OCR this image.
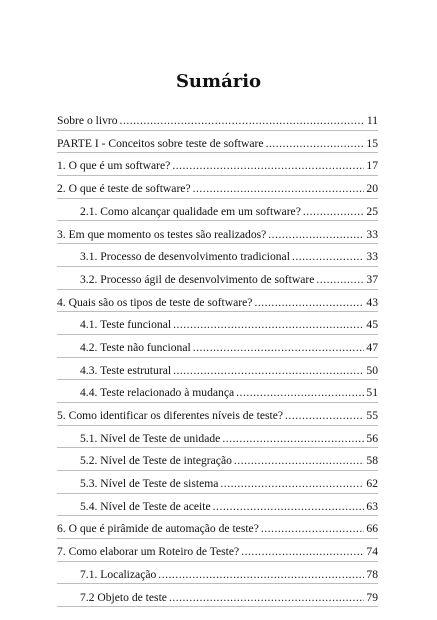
Sumário
Sobre o livro .....	11
PARTE I - Conceitos sobre teste de software .....	15
1. O que é um software? .....	17
2. O que é teste de software? .....	20
2.1. Como alcançar qualidade em um software? .....	25
3. Em que momento os testes são realizados? .....	33
3.1. Processo de desenvolvimento tradicional .....	33
3.2. Processo ágil de desenvolvimento de software .....	37
4. Quais são os tipos de teste de software? .....	43
4.1. Teste funcional .....	45
4.2. Teste não funcional .....	47
4.3. Teste estrutural .....	50
4.4. Teste relacionado à mudança .....	51
5. Como identificar os diferentes níveis de teste? .....	55
5.1. Nível de Teste de unidade .....	56
5.2. Nível de Teste de integração .....	58
5.3. Nível de Teste de sistema .....	62
5.4. Nível de Teste de aceite .....	63
6. O que é pirâmide de automação de teste? .....	66
7. Como elaborar um Roteiro de Teste? .....	74
7.1. Localização .....	78
7.2 Objeto de teste .....	79
